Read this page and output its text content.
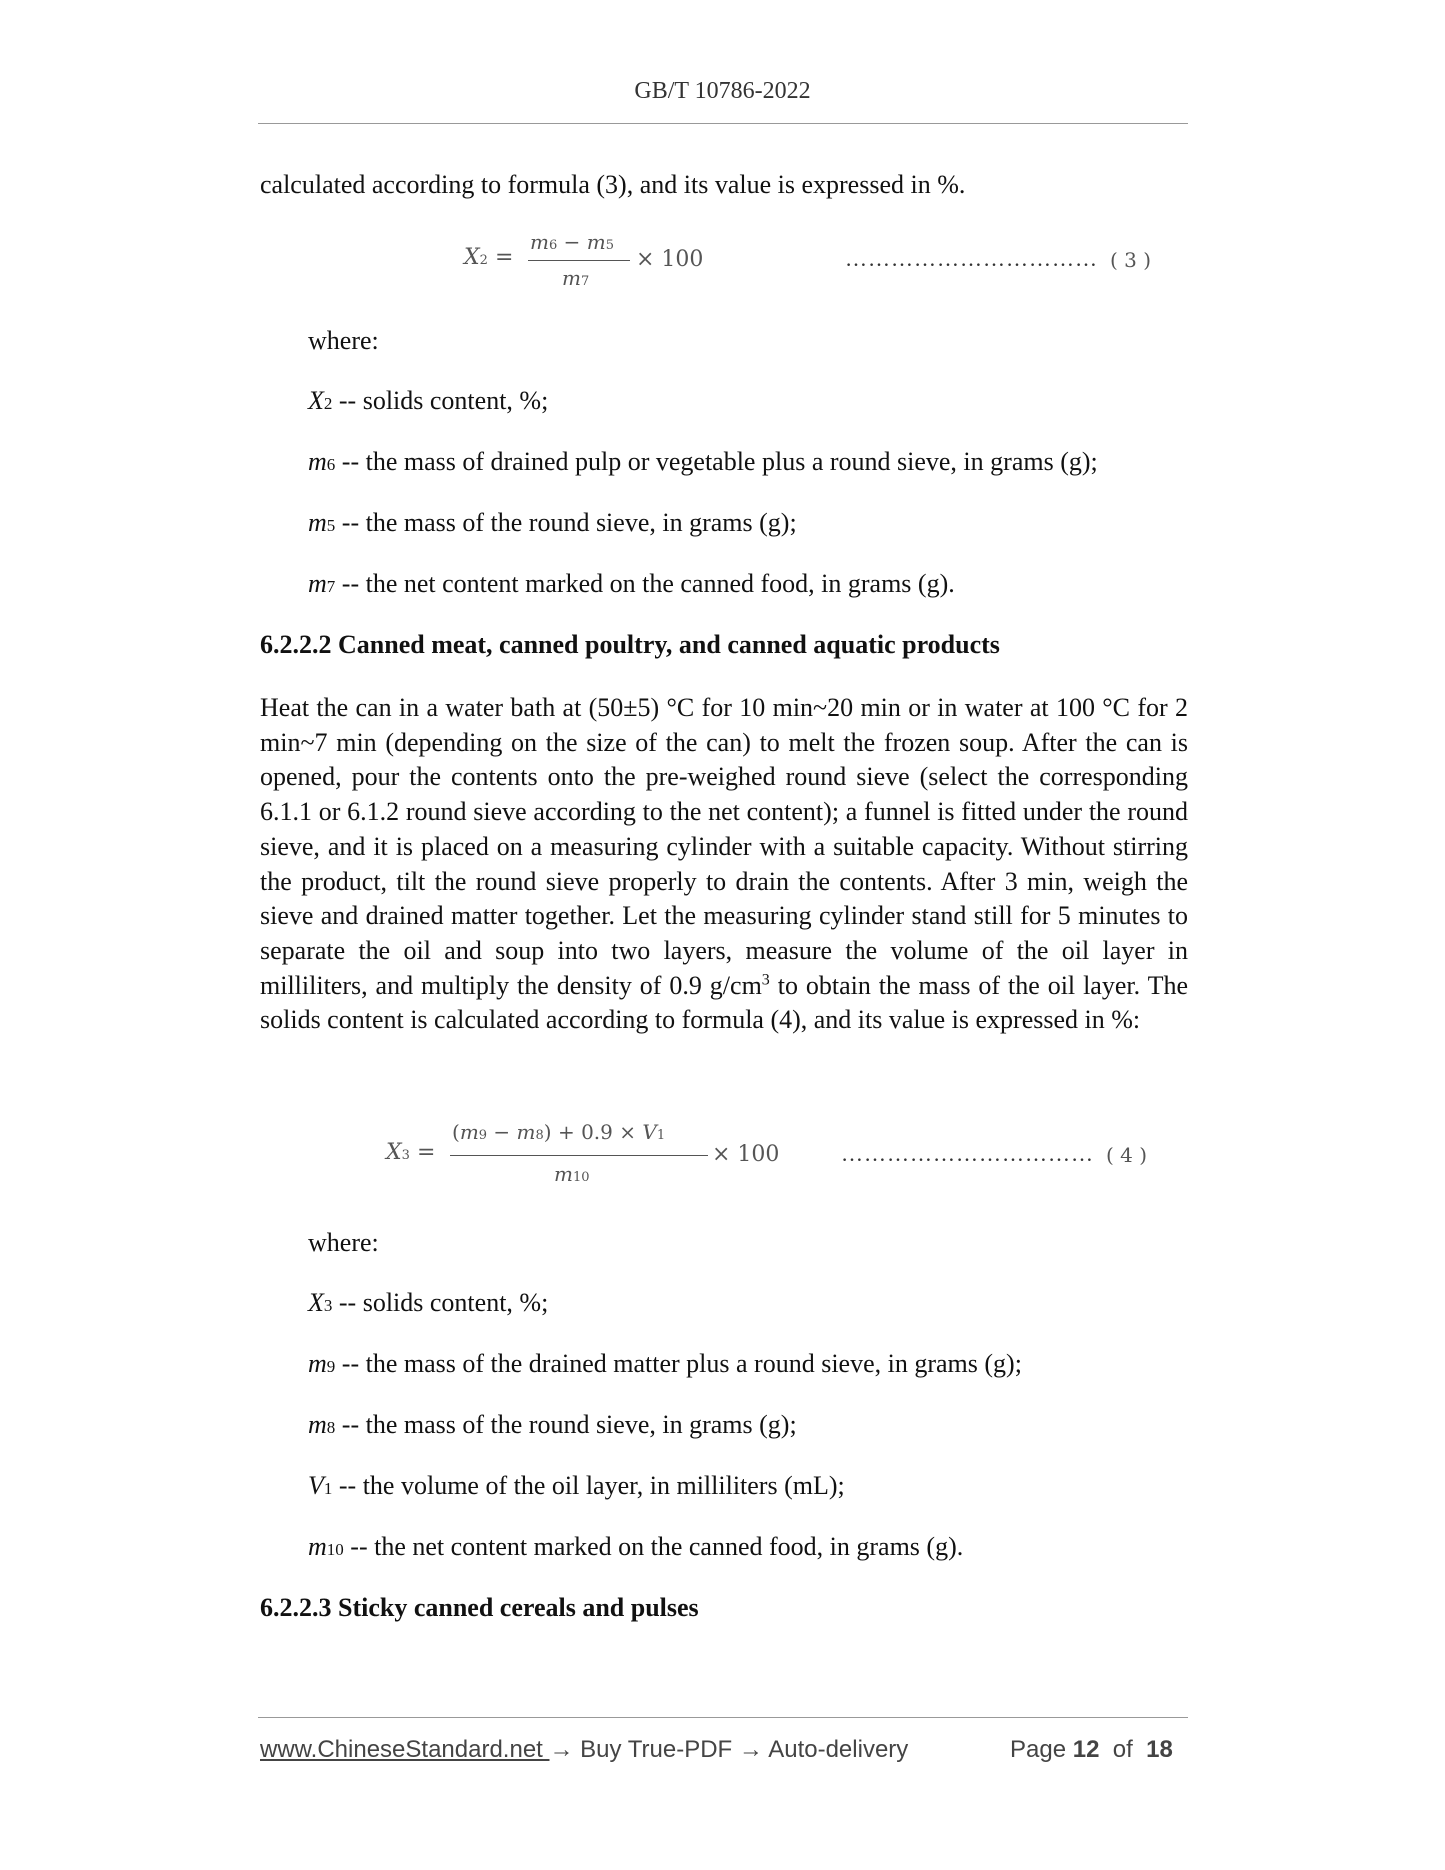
GB/T 10786-2022
calculated according to formula (3), and its value is expressed in %.
X2 =
m6 − m5
m7
× 100	…………………………… ( 3 )
where:
X2 -- solids content, %;
m6 -- the mass of drained pulp or vegetable plus a round sieve, in grams (g);
m5 -- the mass of the round sieve, in grams (g);
m7 -- the net content marked on the canned food, in grams (g).
6.2.2.2 Canned meat, canned poultry, and canned aquatic products
Heat the can in a water bath at (50±5) °C for 10 min~20 min or in water at 100 °C for 2 min~7 min (depending on the size of the can) to melt the frozen soup. After the can is opened, pour the contents onto the pre-weighed round sieve (select the corresponding 6.1.1 or 6.1.2 round sieve according to the net content); a funnel is fitted under the round sieve, and it is placed on a measuring cylinder with a suitable capacity. Without stirring the product, tilt the round sieve properly to drain the contents. After 3 min, weigh the sieve and drained matter together. Let the measuring cylinder stand still for 5 minutes to separate the oil and soup into two layers, measure the volume of the oil layer in milliliters, and multiply the density of 0.9 $g/cm^3$ to obtain the mass of the oil layer. The solids content is calculated according to formula (4), and its value is expressed in %:
X3 =
(m9 − m8) + 0.9 × V1
m10
× 100	…………………………… ( 4 )
where:
X3 -- solids content, %;
m9 -- the mass of the drained matter plus a round sieve, in grams (g);
m8 -- the mass of the round sieve, in grams (g);
V1 -- the volume of the oil layer, in milliliters (mL);
m10 -- the net content marked on the canned food, in grams (g).
6.2.2.3 Sticky canned cereals and pulses
www.ChineseStandard.net → Buy True-PDF → Auto-delivery	Page 12 of 18
